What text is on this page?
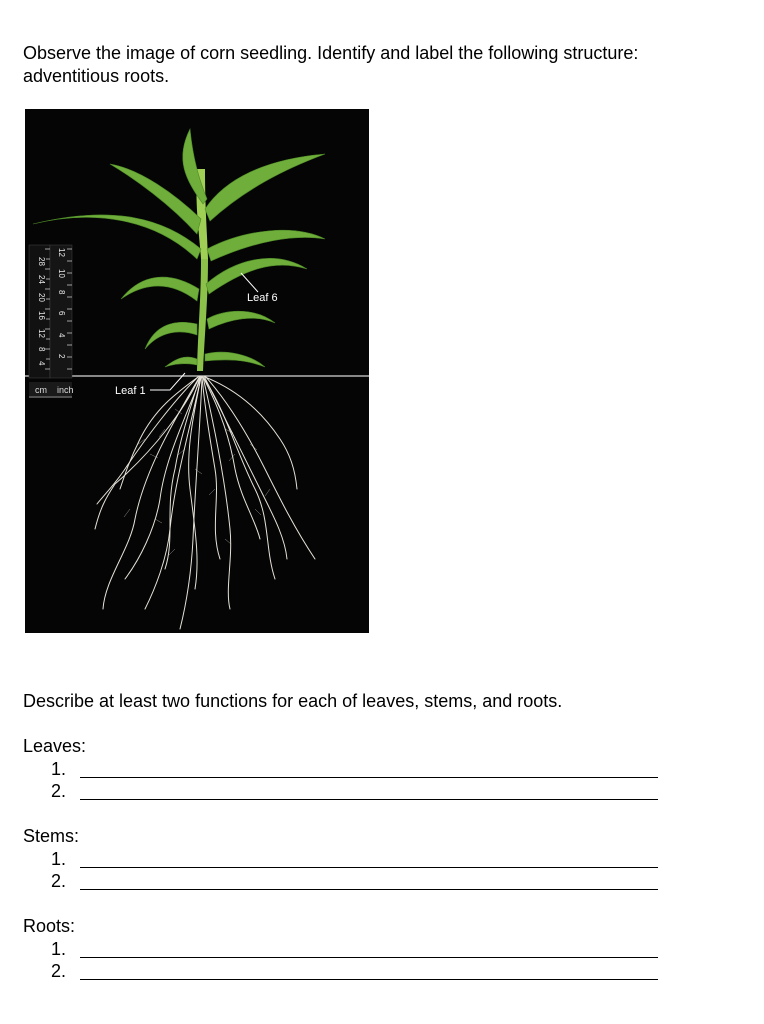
Observe the image of corn seedling. Identify and label the following structure:
adventitious roots.
28
24
20
16
12
8
4
12
10
8
6
4
2
cm inch
Leaf 6
Leaf 1
Describe at least two functions for each of leaves, stems, and roots.
Leaves:
1.
2.
Stems:
1.
2.
Roots:
1.
2.
